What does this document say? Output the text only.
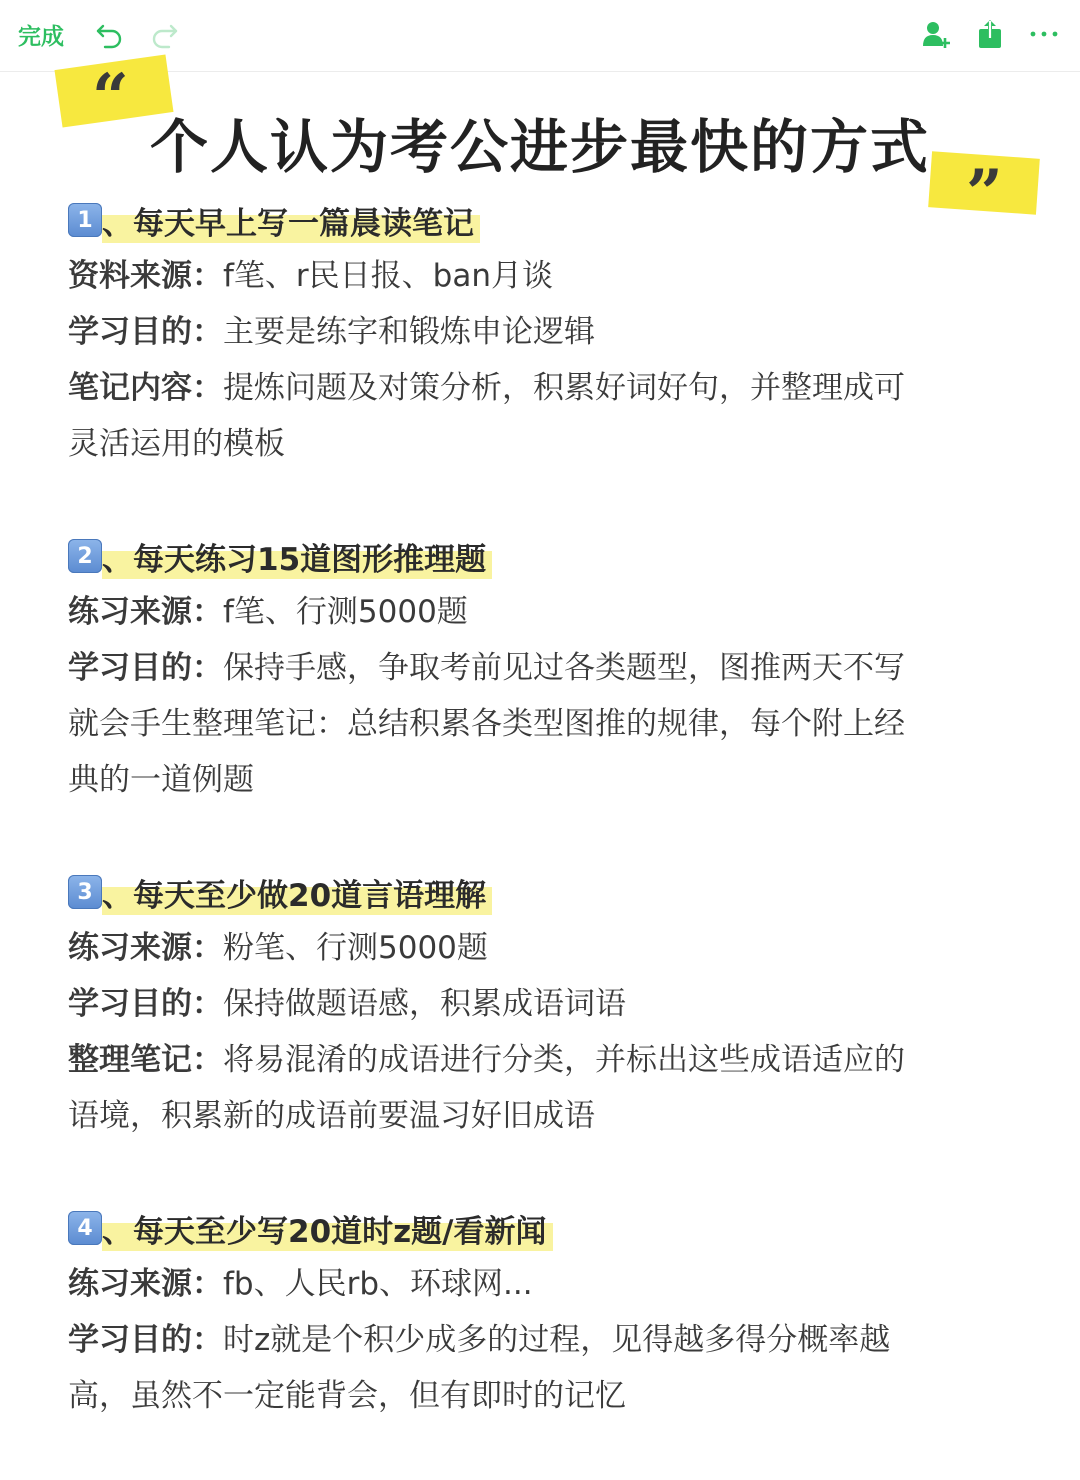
完成
“
”
个人认为考公进步最快的方式
1 、每天早上写一篇晨读笔记

资料来源：f笔、r民日报、ban月谈

学习目的：主要是练字和锻炼申论逻辑

笔记内容：提炼问题及对策分析，积累好词好句，并整理成可

灵活运用的模板

2 、每天练习15道图形推理题

练习来源：f笔、行测5000题

学习目的：保持手感，争取考前见过各类题型，图推两天不写

就会手生整理笔记：总结积累各类型图推的规律，每个附上经

典的一道例题

3 、每天至少做20道言语理解

练习来源：粉笔、行测5000题

学习目的：保持做题语感，积累成语词语

整理笔记：将易混淆的成语进行分类，并标出这些成语适应的

语境，积累新的成语前要温习好旧成语

4 、每天至少写20道时z题/看新闻

练习来源：fb、人民rb、环球网...

学习目的：时z就是个积少成多的过程，见得越多得分概率越

高，虽然不一定能背会，但有即时的记忆
